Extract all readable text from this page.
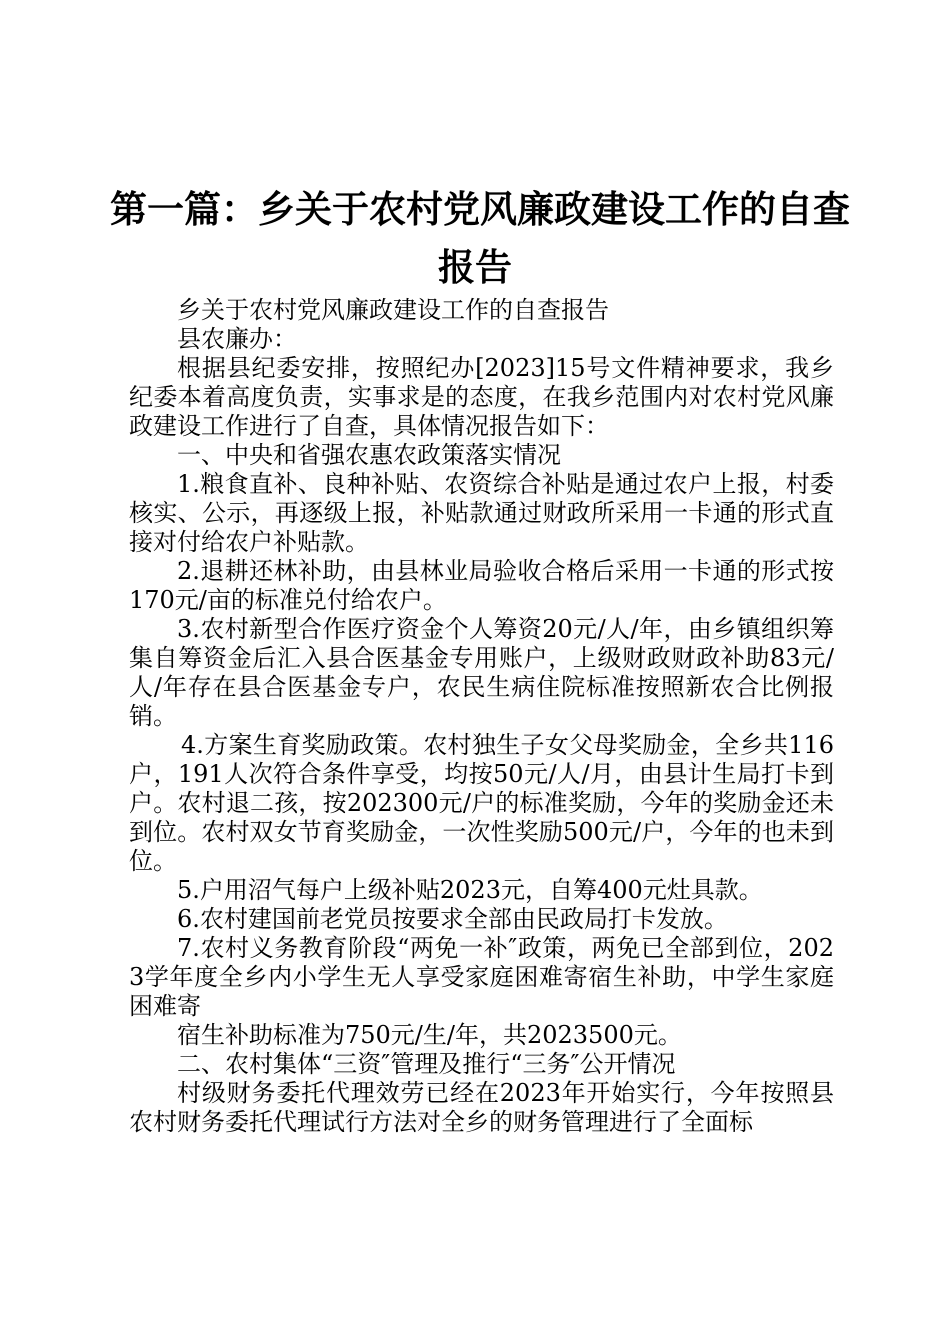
第一篇：乡关于农村党风廉政建设工作的自查
报告

乡关于农村党风廉政建设工作的自查报告

县农廉办：

根据县纪委安排，按照纪办[2023]15号文件精神要求，我乡纪委本着高度负责，实事求是的态度，在我乡范围内对农村党风廉政建设工作进行了自查，具体情况报告如下：

一、中央和省强农惠农政策落实情况

1.粮食直补、良种补贴、农资综合补贴是通过农户上报，村委核实、公示，再逐级上报，补贴款通过财政所采用一卡通的形式直接对付给农户补贴款。

2.退耕还林补助，由县林业局验收合格后采用一卡通的形式按170元/亩的标准兑付给农户。

3.农村新型合作医疗资金个人筹资20元/人/年，由乡镇组织筹集自筹资金后汇入县合医基金专用账户，上级财政财政补助83元/人/年存在县合医基金专户，农民生病住院标准按照新农合比例报销。

4.方案生育奖励政策。农村独生子女父母奖励金，全乡共116户，191人次符合条件享受，均按50元/人/月，由县计生局打卡到户。农村退二孩，按202300元/户的标准奖励，今年的奖励金还未到位。农村双女节育奖励金，一次性奖励500元/户，今年的也未到位。

5.户用沼气每户上级补贴2023元，自筹400元灶具款。

6.农村建国前老党员按要求全部由民政局打卡发放。

7.农村义务教育阶段“两免一补″政策，两免已全部到位，2023学年度全乡内小学生无人享受家庭困难寄宿生补助，中学生家庭困难寄

宿生补助标准为750元/生/年，共2023500元。

二、农村集体“三资″管理及推行“三务″公开情况

村级财务委托代理效劳已经在2023年开始实行，今年按照县农村财务委托代理试行方法对全乡的财务管理进行了全面标
